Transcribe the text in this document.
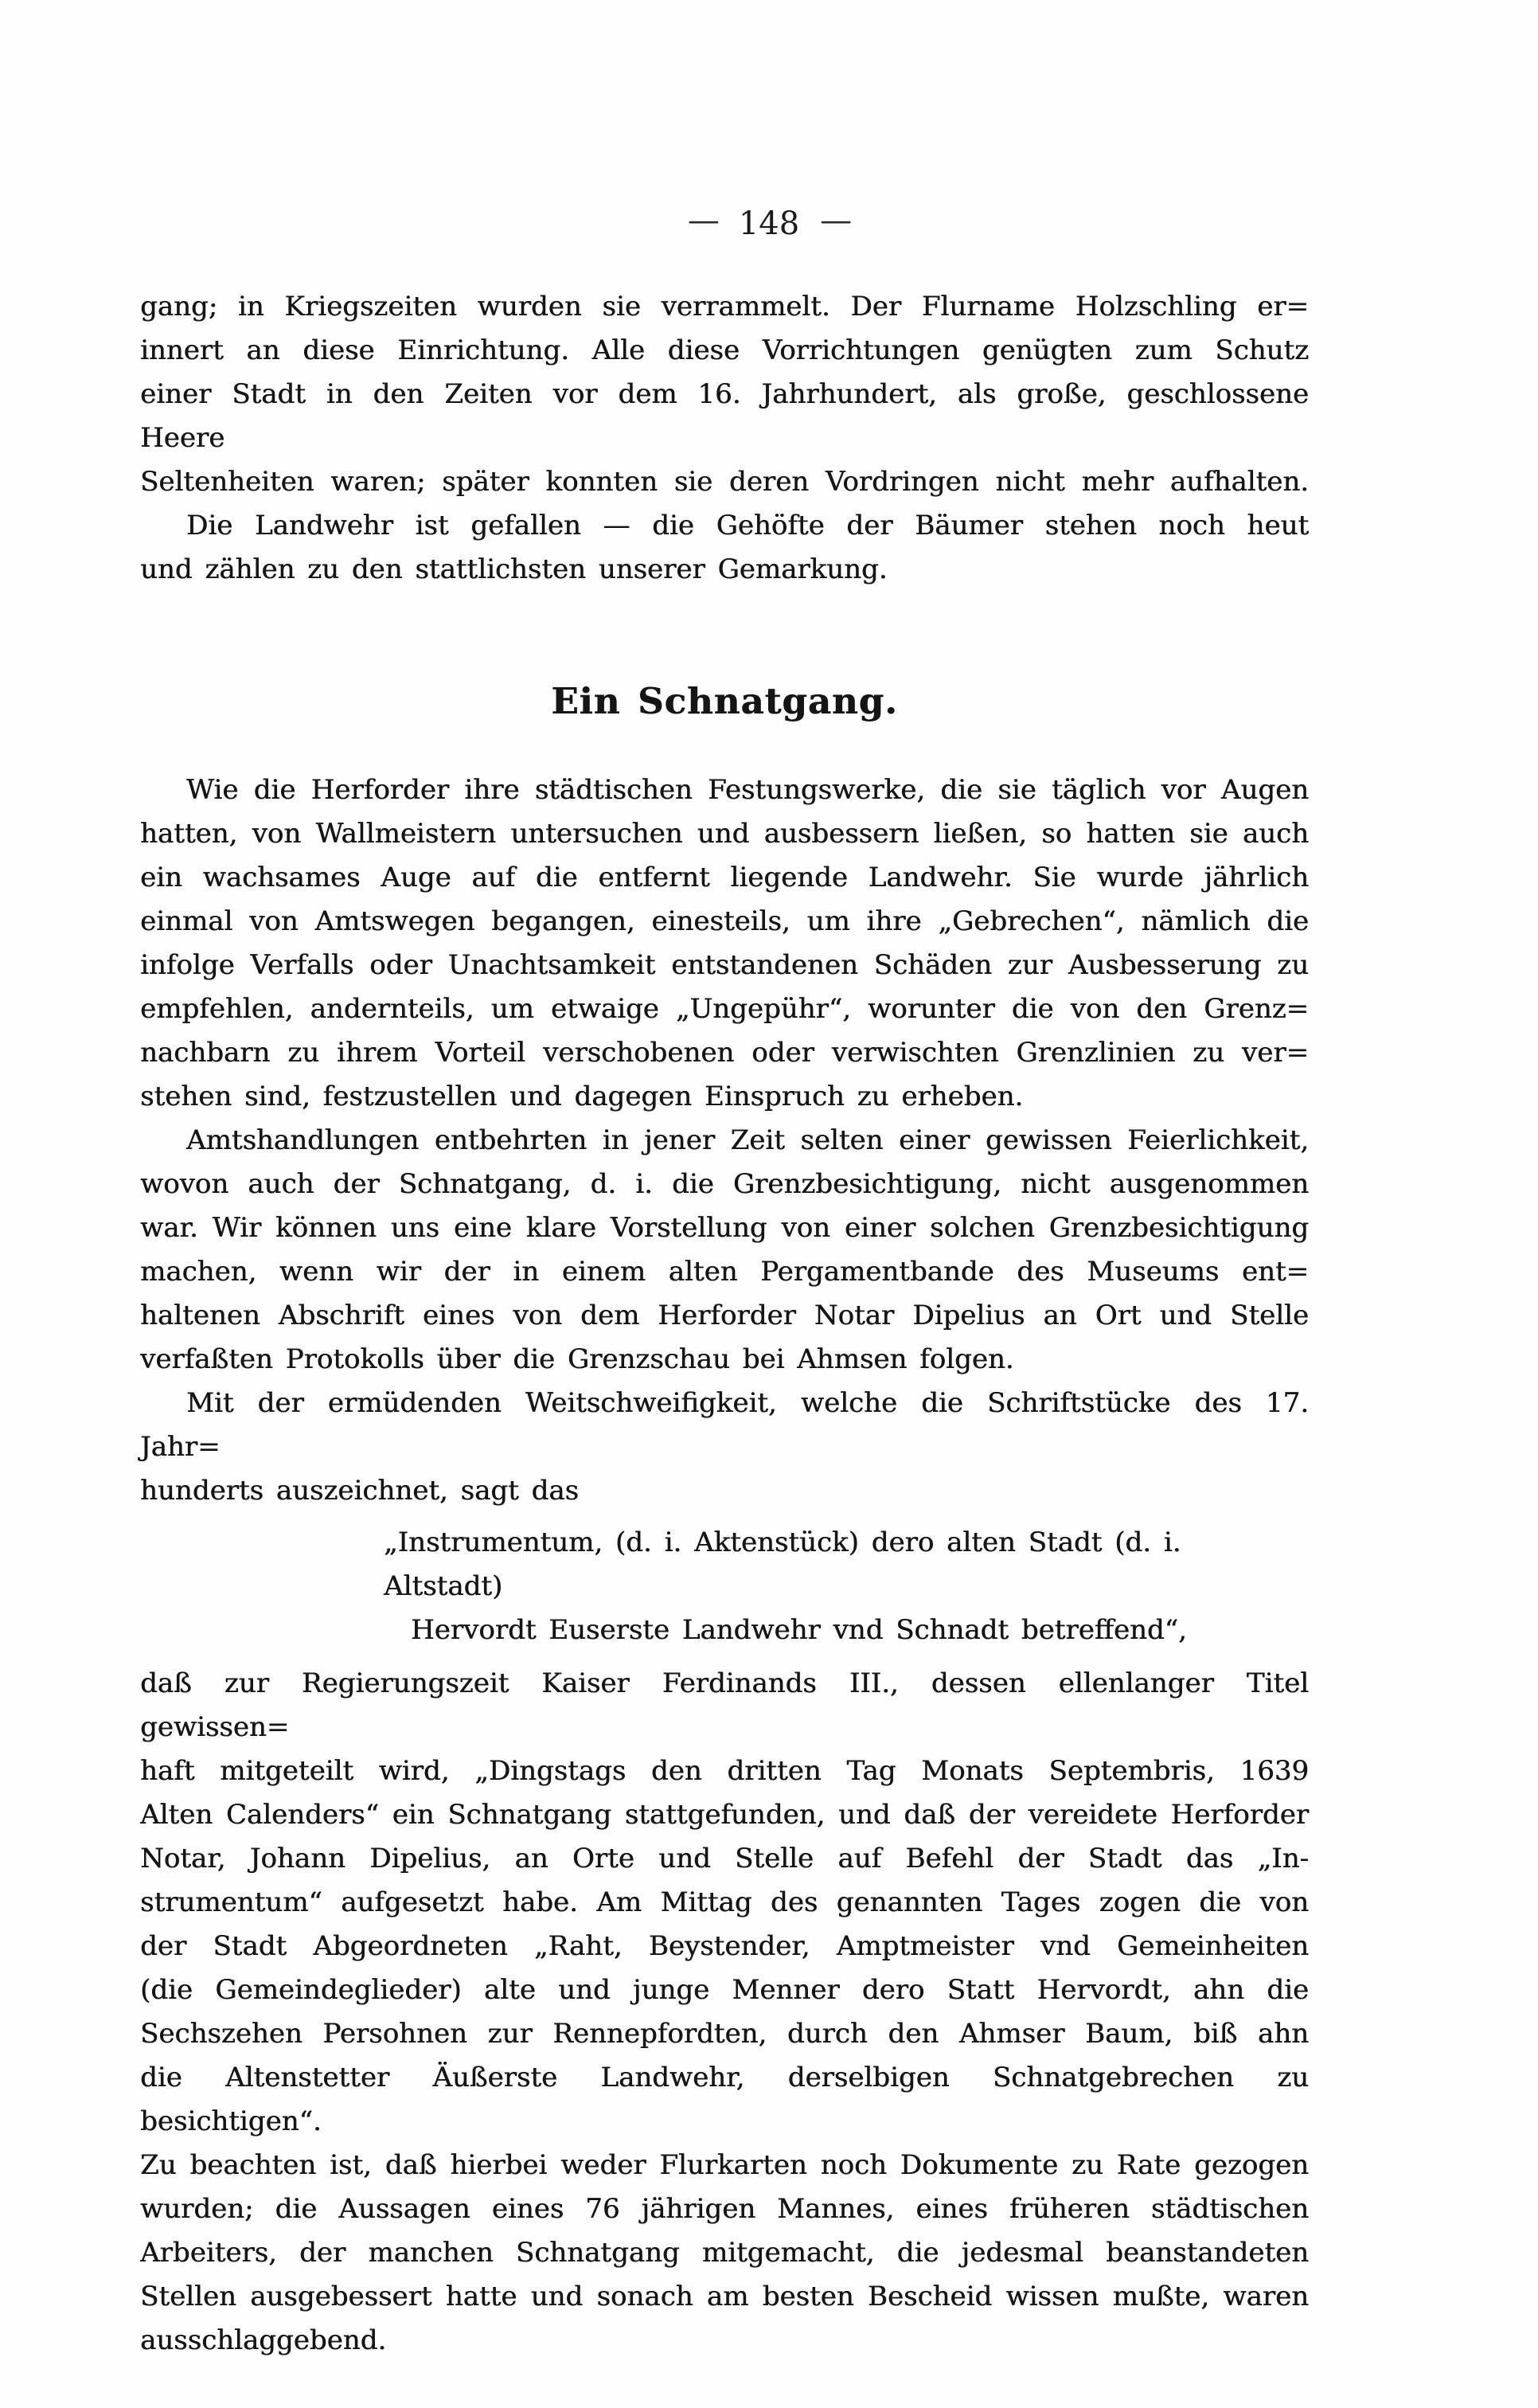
— 148 —
gang; in Kriegszeiten wurden sie verrammelt. Der Flurname Holzschling er=
innert an diese Einrichtung. Alle diese Vorrichtungen genügten zum Schutz
einer Stadt in den Zeiten vor dem 16. Jahrhundert, als große, geschlossene Heere
Seltenheiten waren; später konnten sie deren Vordringen nicht mehr aufhalten.
Die Landwehr ist gefallen — die Gehöfte der Bäumer stehen noch heut
und zählen zu den stattlichsten unserer Gemarkung.
Ein Schnatgang.
Wie die Herforder ihre städtischen Festungswerke, die sie täglich vor Augen
hatten, von Wallmeistern untersuchen und ausbessern ließen, so hatten sie auch
ein wachsames Auge auf die entfernt liegende Landwehr. Sie wurde jährlich
einmal von Amtswegen begangen, einesteils, um ihre „Gebrechen“, nämlich die
infolge Verfalls oder Unachtsamkeit entstandenen Schäden zur Ausbesserung zu
empfehlen, andernteils, um etwaige „Ungepühr“, worunter die von den Grenz=
nachbarn zu ihrem Vorteil verschobenen oder verwischten Grenzlinien zu ver=
stehen sind, festzustellen und dagegen Einspruch zu erheben.
Amtshandlungen entbehrten in jener Zeit selten einer gewissen Feierlichkeit,
wovon auch der Schnatgang, d. i. die Grenzbesichtigung, nicht ausgenommen
war. Wir können uns eine klare Vorstellung von einer solchen Grenzbesichtigung
machen, wenn wir der in einem alten Pergamentbande des Museums ent=
haltenen Abschrift eines von dem Herforder Notar Dipelius an Ort und Stelle
verfaßten Protokolls über die Grenzschau bei Ahmsen folgen.
Mit der ermüdenden Weitschweifigkeit, welche die Schriftstücke des 17. Jahr=
hunderts auszeichnet, sagt das
„Instrumentum, (d. i. Aktenstück) dero alten Stadt (d. i. Altstadt)
Hervordt Euserste Landwehr vnd Schnadt betreffend“,
daß zur Regierungszeit Kaiser Ferdinands III., dessen ellenlanger Titel gewissen=
haft mitgeteilt wird, „Dingstags den dritten Tag Monats Septembris, 1639
Alten Calenders“ ein Schnatgang stattgefunden, und daß der vereidete Herforder
Notar, Johann Dipelius, an Orte und Stelle auf Befehl der Stadt das „In-
strumentum“ aufgesetzt habe. Am Mittag des genannten Tages zogen die von
der Stadt Abgeordneten „Raht, Beystender, Amptmeister vnd Gemeinheiten
(die Gemeindeglieder) alte und junge Menner dero Statt Hervordt, ahn die
Sechszehen Persohnen zur Rennepfordten, durch den Ahmser Baum, biß ahn
die Altenstetter Äußerste Landwehr, derselbigen Schnatgebrechen zu besichtigen“.
Zu beachten ist, daß hierbei weder Flurkarten noch Dokumente zu Rate gezogen
wurden; die Aussagen eines 76 jährigen Mannes, eines früheren städtischen
Arbeiters, der manchen Schnatgang mitgemacht, die jedesmal beanstandeten
Stellen ausgebessert hatte und sonach am besten Bescheid wissen mußte, waren
ausschlaggebend.
